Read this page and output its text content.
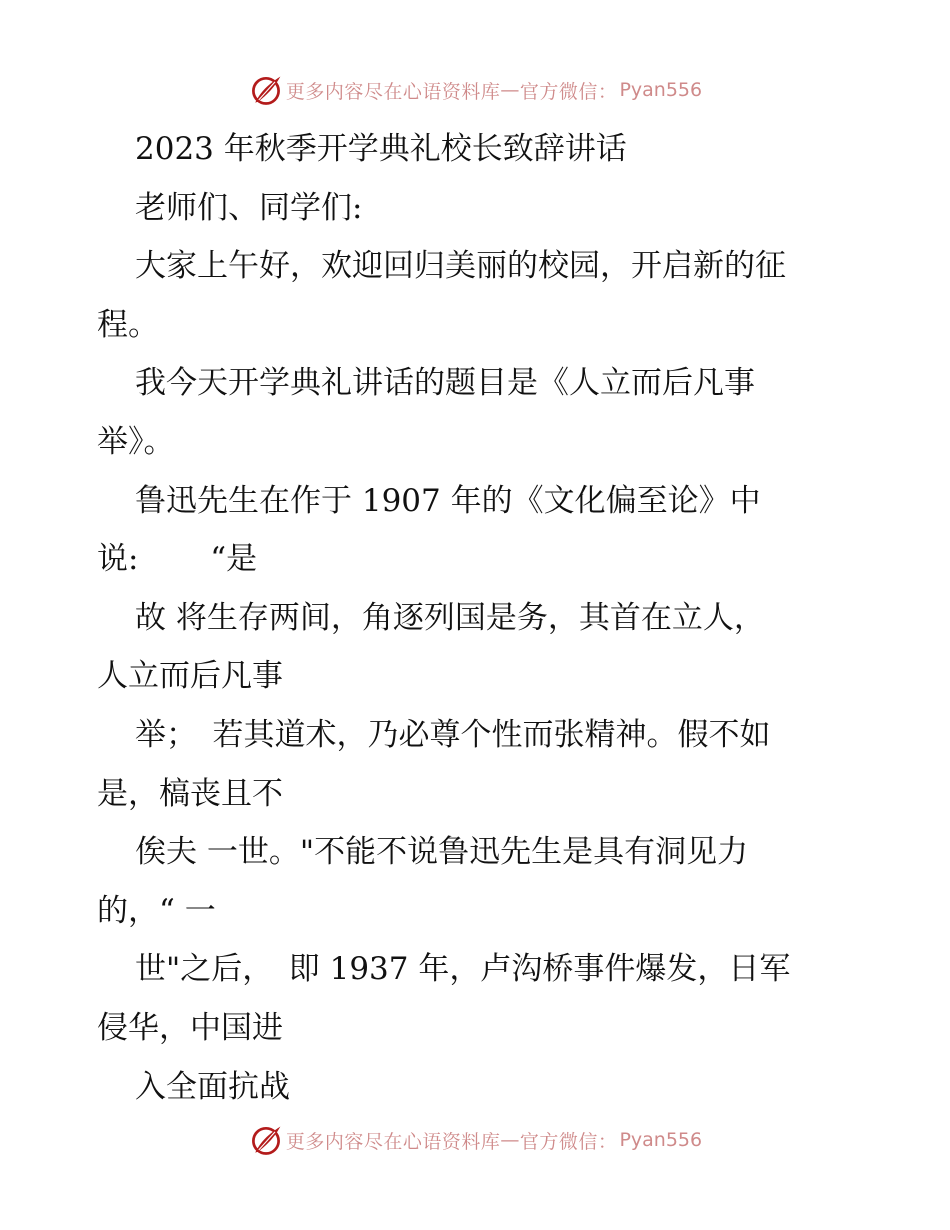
更多内容尽在心语资料库 — 官方微信： Pyan556
2023 年秋季开学典礼校长致辞讲话
老师们、同学们:
大家上午好，欢迎回归美丽的校园，开启新的征
程。
我今天开学典礼讲话的题目是《人立而后凡事
举》。
鲁迅先生在作于 1907 年的《文化偏至论》中
说:　　 “是
故 将生存两间，角逐列国是务，其首在立人，
人立而后凡事
举；　若其道术，乃必尊个性而张精神。假不如
是，槁丧且不
俟夫 一世。"不能不说鲁迅先生是具有洞见力
的，“ 一
世"之后，　即 1937 年，卢沟桥事件爆发，日军
侵华，中国进
入全面抗战
更多内容尽在心语资料库 — 官方微信： Pyan556
